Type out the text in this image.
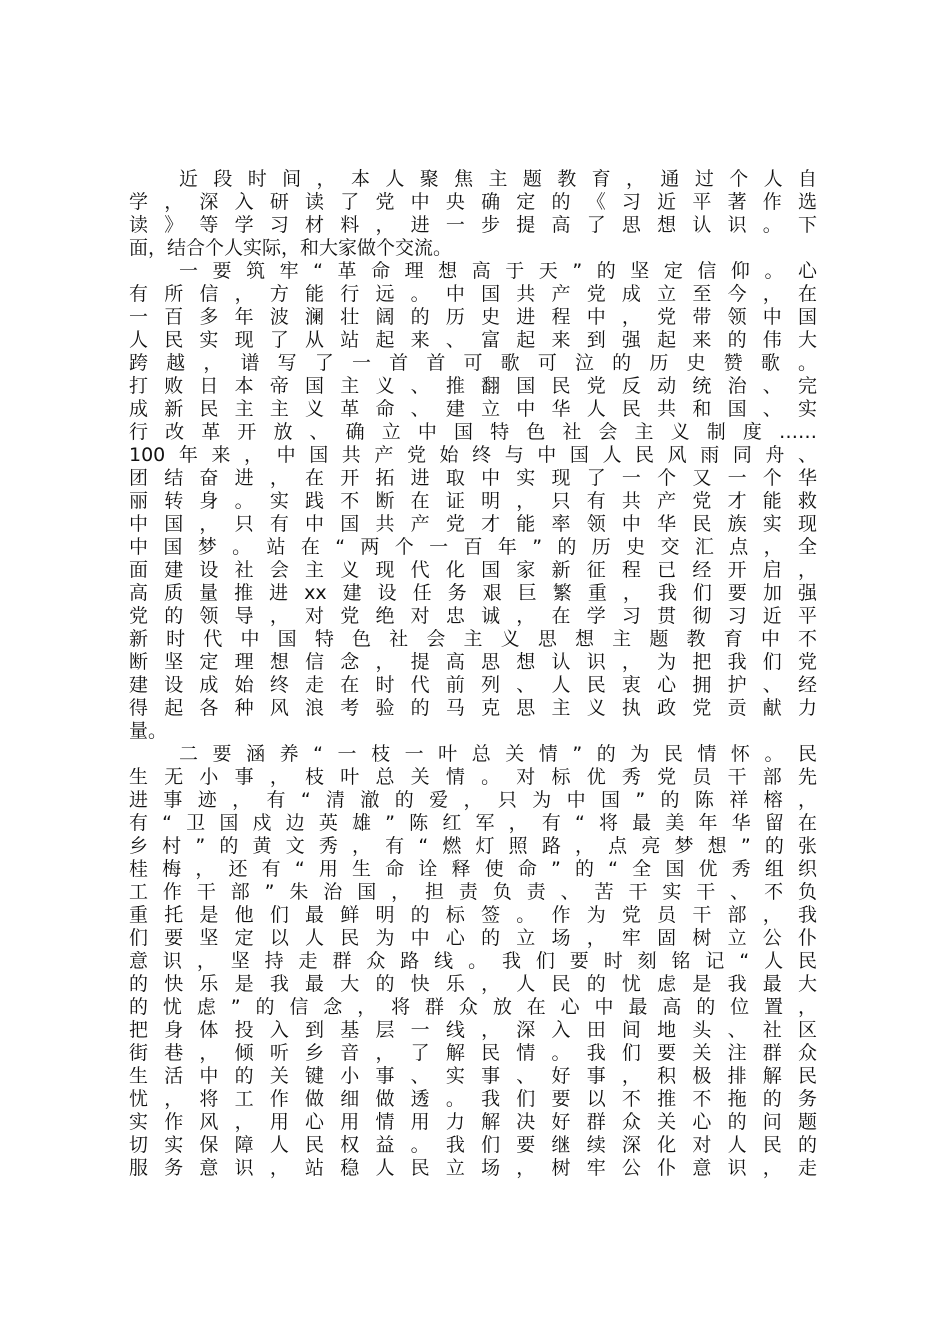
近段时间，本人聚焦主题教育，通过个人自
学，深入研读了党中央确定的《习近平著作选
读》等学习材料，进一步提高了思想认识。下
面，结合个人实际，和大家做个交流。
一要筑牢“革命理想高于天”的坚定信仰。心
有所信，方能行远。中国共产党成立至今，在
一百多年波澜壮阔的历史进程中，党带领中国
人民实现了从站起来、富起来到强起来的伟大
跨越，谱写了一首首可歌可泣的历史赞歌。
打败日本帝国主义、推翻国民党反动统治、完
成新民主主义革命、建立中华人民共和国、实
行改革开放、确立中国特色社会主义制度……
100年来，中国共产党始终与中国人民风雨同舟、
团结奋进，在开拓进取中实现了一个又一个华
丽转身。实践不断在证明，只有共产党才能救
中国，只有中国共产党才能率领中华民族实现
中国梦。站在“两个一百年”的历史交汇点，全
面建设社会主义现代化国家新征程已经开启，
高质量推进xx建设任务艰巨繁重，我们要加强
党的领导，对党绝对忠诚，在学习贯彻习近平
新时代中国特色社会主义思想主题教育中不
断坚定理想信念，提高思想认识，为把我们党
建设成始终走在时代前列、人民衷心拥护、经
得起各种风浪考验的马克思主义执政党贡献力
量。
二要涵养“一枝一叶总关情”的为民情怀。民
生无小事，枝叶总关情。对标优秀党员干部先
进事迹，有“清澈的爱，只为中国”的陈祥榕，
有“卫国戍边英雄”陈红军，有“将最美年华留在
乡村”的黄文秀，有“燃灯照路，点亮梦想”的张
桂梅，还有“用生命诠释使命”的“全国优秀组织
工作干部”朱治国，担责负责、苦干实干、不负
重托是他们最鲜明的标签。作为党员干部，我
们要坚定以人民为中心的立场，牢固树立公仆
意识，坚持走群众路线。我们要时刻铭记“人民
的快乐是我最大的快乐，人民的忧虑是我最大
的忧虑”的信念，将群众放在心中最高的位置，
把身体投入到基层一线，深入田间地头、社区
街巷，倾听乡音，了解民情。我们要关注群众
生活中的关键小事、实事、好事，积极排解民
忧，将工作做细做透。我们要以不推不拖的务
实作风，用心用情用力解决好群众关心的问题
切实保障人民权益。我们要继续深化对人民的
服务意识，站稳人民立场，树牢公仆意识，走
